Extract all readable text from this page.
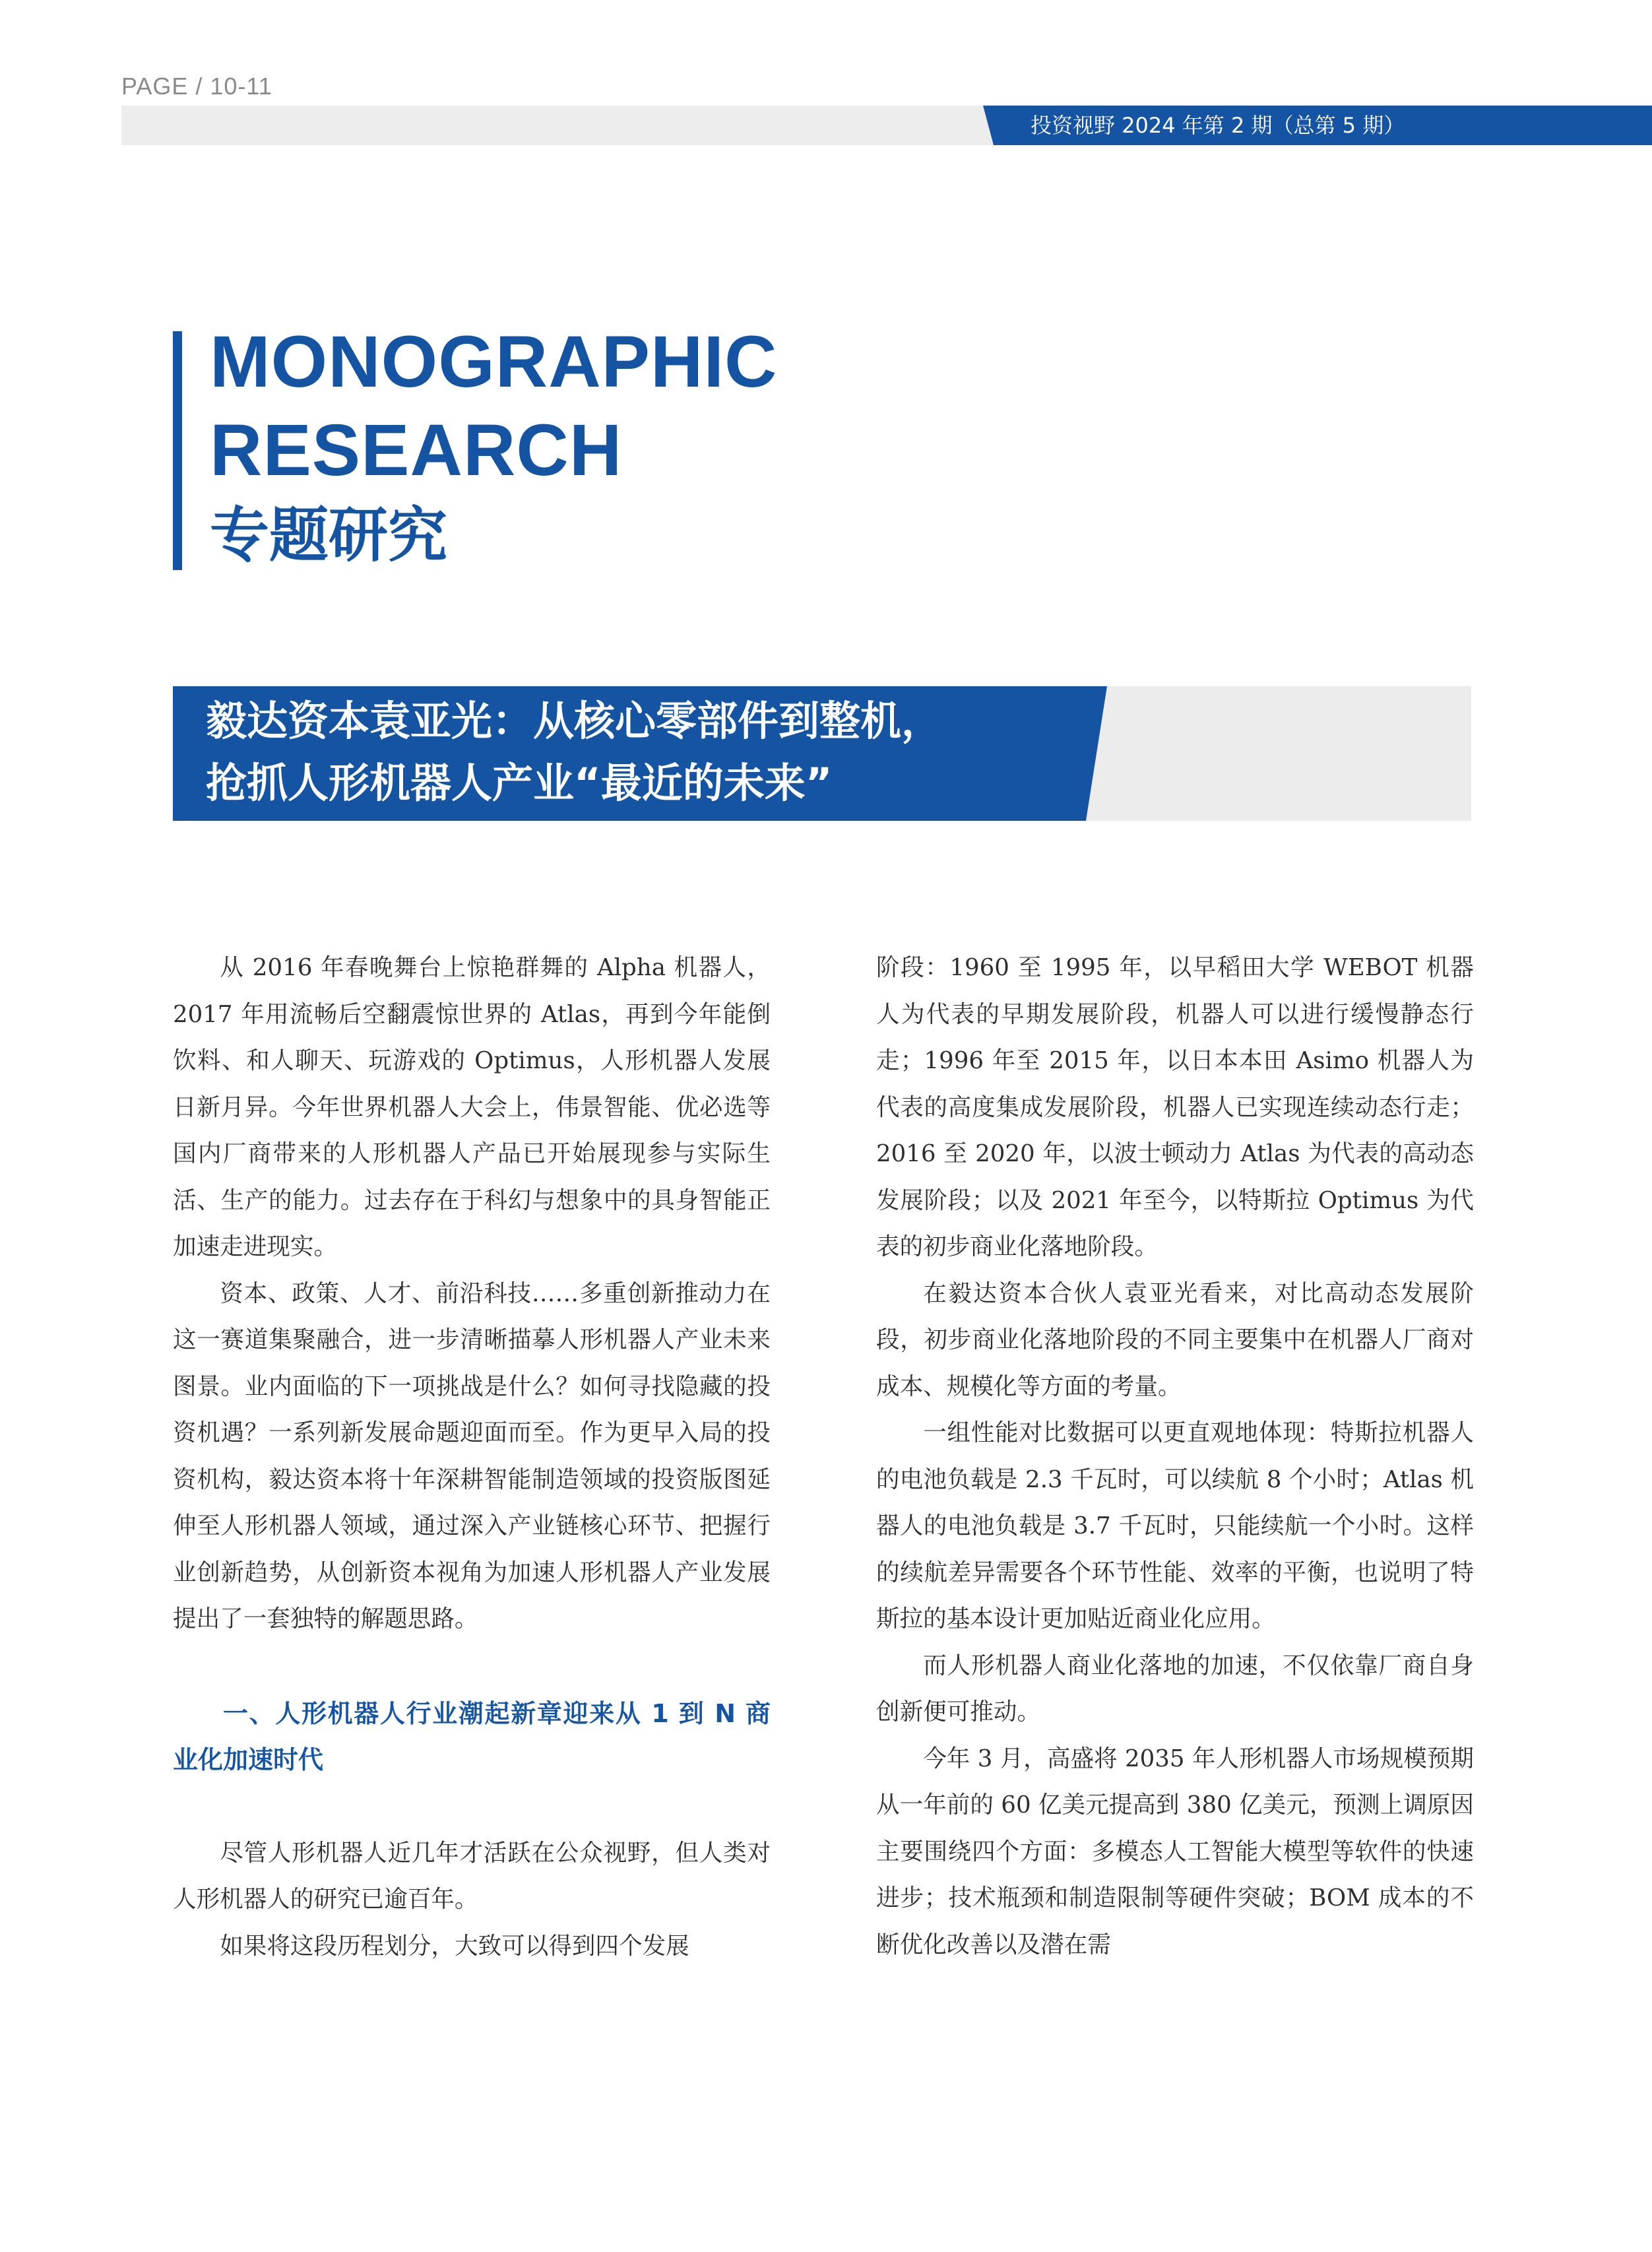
PAGE / 10-11
投资视野 2024 年第 2 期（总第 5 期）
MONOGRAPHIC
RESEARCH
专题研究
毅达资本袁亚光：从核心零部件到整机，
抢抓人形机器人产业“最近的未来”

从 2016 年春晚舞台上惊艳群舞的 Alpha 机器人，2017 年用流畅后空翻震惊世界的 Atlas，再到今年能倒饮料、和人聊天、玩游戏的 Optimus，人形机器人发展日新月异。今年世界机器人大会上，伟景智能、优必选等国内厂商带来的人形机器人产品已开始展现参与实际生活、生产的能力。过去存在于科幻与想象中的具身智能正加速走进现实。

资本、政策、人才、前沿科技……多重创新推动力在这一赛道集聚融合，进一步清晰描摹人形机器人产业未来图景。业内面临的下一项挑战是什么？如何寻找隐藏的投资机遇？一系列新发展命题迎面而至。作为更早入局的投资机构，毅达资本将十年深耕智能制造领域的投资版图延伸至人形机器人领域，通过深入产业链核心环节、把握行业创新趋势，从创新资本视角为加速人形机器人产业发展提出了一套独特的解题思路。

一、人形机器人行业潮起新章迎来从 1 到 N 商业化加速时代

尽管人形机器人近几年才活跃在公众视野，但人类对人形机器人的研究已逾百年。

如果将这段历程划分，大致可以得到四个发展

阶段：1960 至 1995 年，以早稻田大学 WEBOT 机器人为代表的早期发展阶段，机器人可以进行缓慢静态行走；1996 年至 2015 年，以日本本田 Asimo 机器人为代表的高度集成发展阶段，机器人已实现连续动态行走；2016 至 2020 年，以波士顿动力 Atlas 为代表的高动态发展阶段；以及 2021 年至今，以特斯拉 Optimus 为代表的初步商业化落地阶段。

在毅达资本合伙人袁亚光看来，对比高动态发展阶段，初步商业化落地阶段的不同主要集中在机器人厂商对成本、规模化等方面的考量。

一组性能对比数据可以更直观地体现：特斯拉机器人的电池负载是 2.3 千瓦时，可以续航 8 个小时；Atlas 机器人的电池负载是 3.7 千瓦时，只能续航一个小时。这样的续航差异需要各个环节性能、效率的平衡，也说明了特斯拉的基本设计更加贴近商业化应用。

而人形机器人商业化落地的加速，不仅依靠厂商自身创新便可推动。

今年 3 月，高盛将 2035 年人形机器人市场规模预期从一年前的 60 亿美元提高到 380 亿美元，预测上调原因主要围绕四个方面：多模态人工智能大模型等软件的快速进步；技术瓶颈和制造限制等硬件突破；BOM 成本的不断优化改善以及潜在需
